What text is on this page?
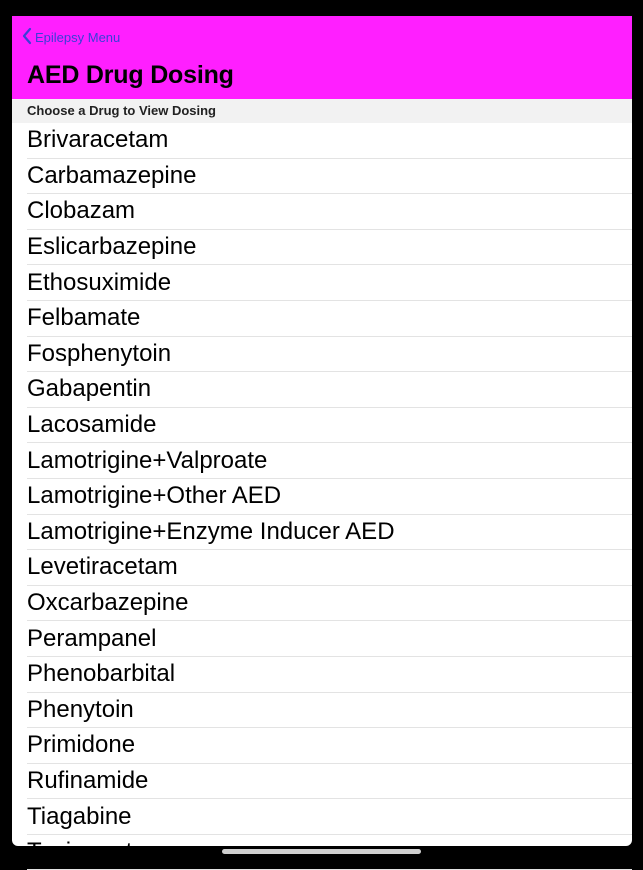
Epilepsy Menu
AED Drug Dosing
Choose a Drug to View Dosing
Brivaracetam
Carbamazepine
Clobazam
Eslicarbazepine
Ethosuximide
Felbamate
Fosphenytoin
Gabapentin
Lacosamide
Lamotrigine+Valproate
Lamotrigine+Other AED
Lamotrigine+Enzyme Inducer AED
Levetiracetam
Oxcarbazepine
Perampanel
Phenobarbital
Phenytoin
Primidone
Rufinamide
Tiagabine
Topiramate
